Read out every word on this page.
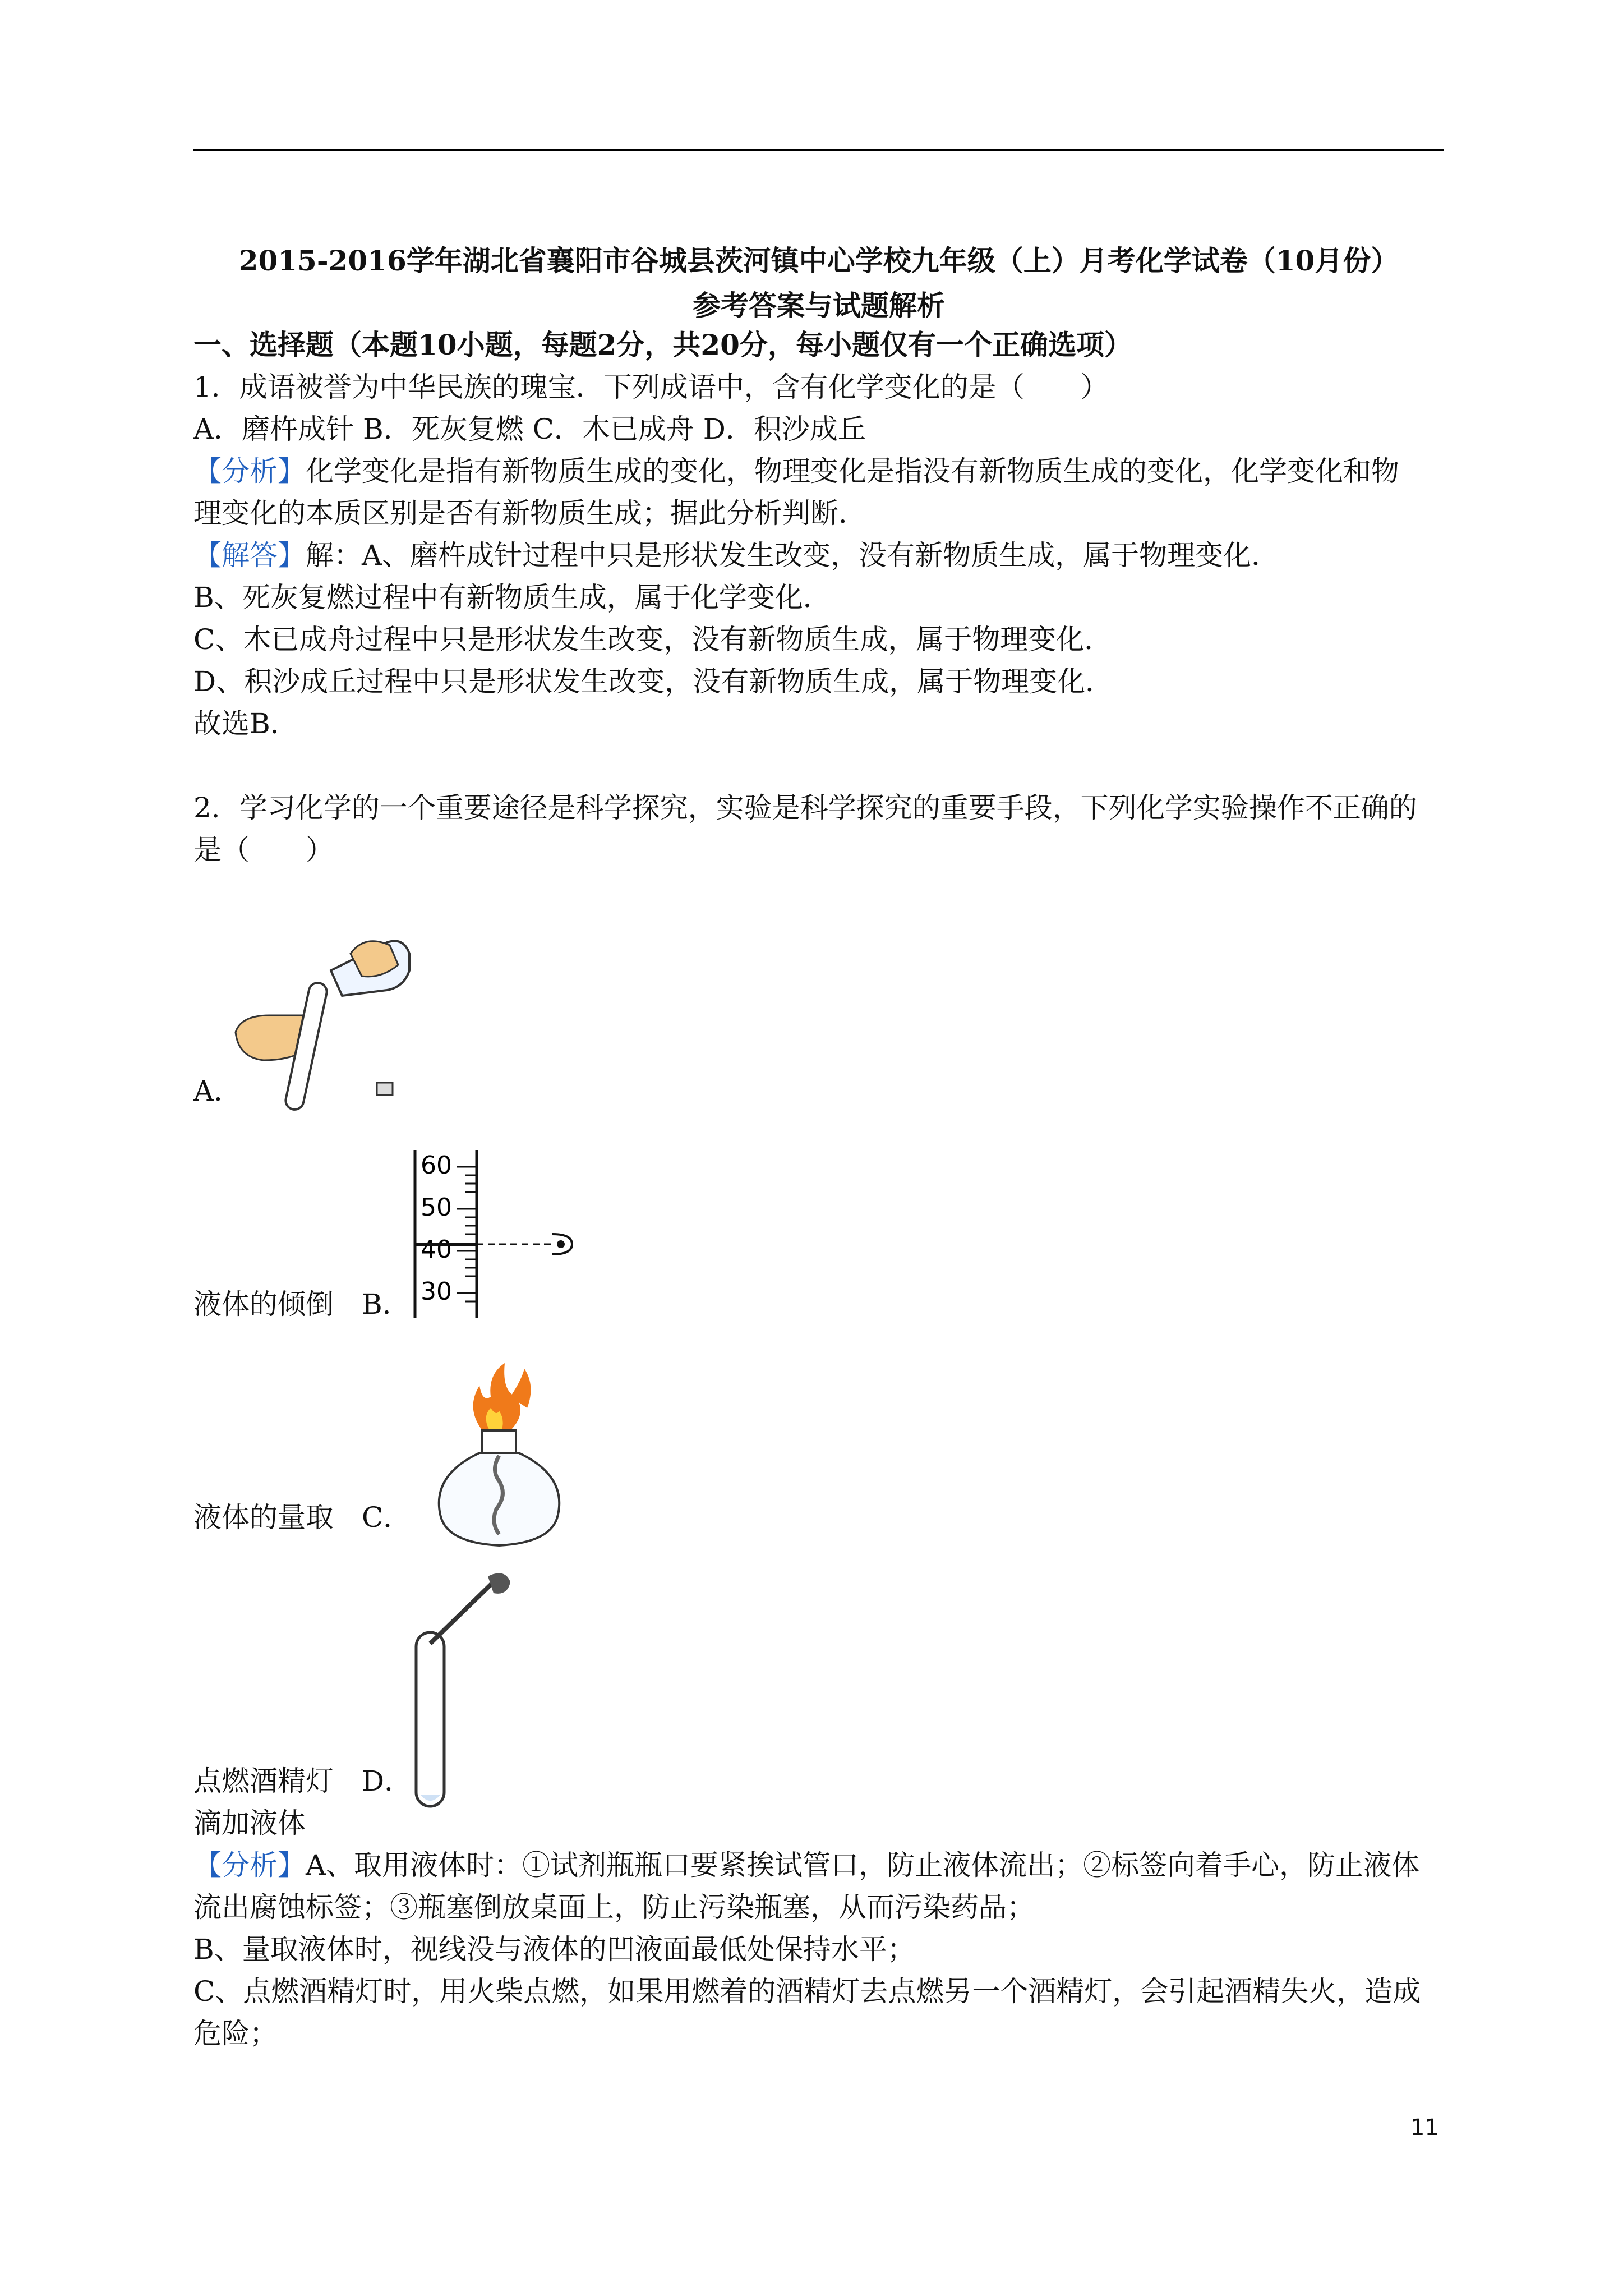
2015-2016学年湖北省襄阳市谷城县茨河镇中心学校九年级（上）月考化学试卷（10月份）
参考答案与试题解析
一、选择题（本题10小题，每题2分，共20分，每小题仅有一个正确选项）
1．成语被誉为中华民族的瑰宝．下列成语中，含有化学变化的是（　　）
A．磨杵成针 B．死灰复燃 C．木已成舟 D．积沙成丘
【分析】化学变化是指有新物质生成的变化，物理变化是指没有新物质生成的变化，化学变化和物
理变化的本质区别是否有新物质生成；据此分析判断．
【解答】解：A、磨杵成针过程中只是形状发生改变，没有新物质生成，属于物理变化．
B、死灰复燃过程中有新物质生成，属于化学变化．
C、木已成舟过程中只是形状发生改变，没有新物质生成，属于物理变化．
D、积沙成丘过程中只是形状发生改变，没有新物质生成，属于物理变化．
故选B．
2．学习化学的一个重要途径是科学探究，实验是科学探究的重要手段，下列化学实验操作不正确的
是（　　）
A．
60
50
40
30
液体的倾倒　B．
液体的量取　C．
点燃酒精灯　D．
滴加液体
【分析】A、取用液体时：①试剂瓶瓶口要紧挨试管口，防止液体流出；②标签向着手心，防止液体
流出腐蚀标签；③瓶塞倒放桌面上，防止污染瓶塞，从而污染药品；
B、量取液体时，视线没与液体的凹液面最低处保持水平；
C、点燃酒精灯时，用火柴点燃，如果用燃着的酒精灯去点燃另一个酒精灯，会引起酒精失火，造成
危险；
11
